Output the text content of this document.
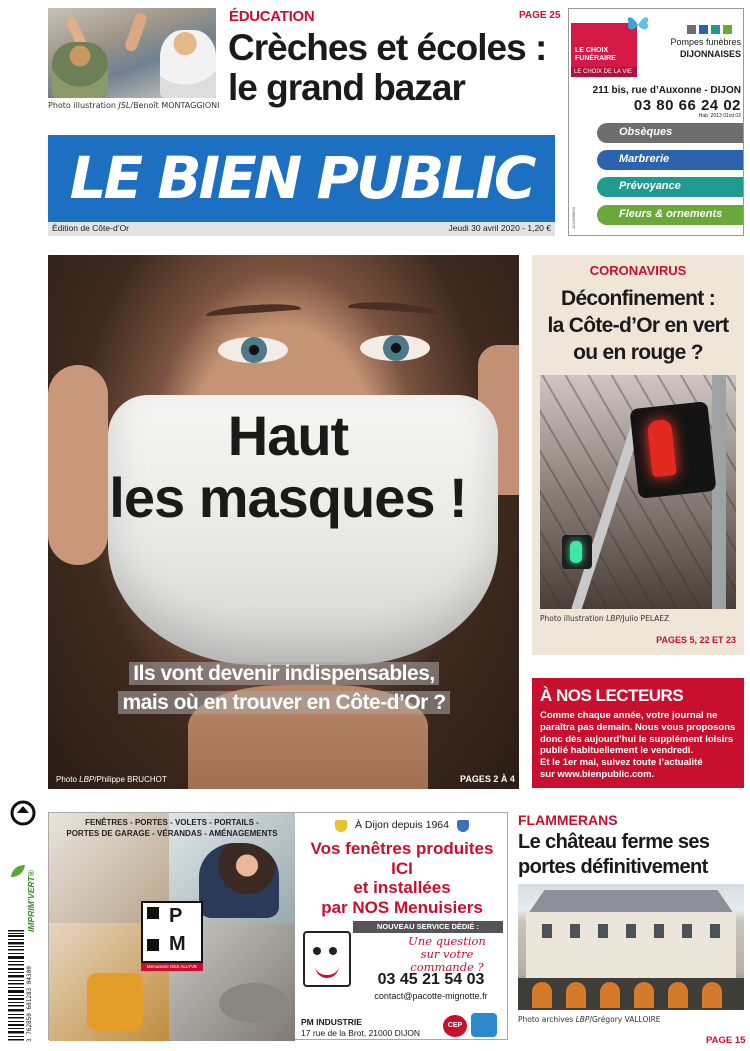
Photo illustration JSL/Benoît MONTAGGIONI
ÉDUCATION	PAGE 25
Crèches et écoles :
le grand bazar
LE CHOIX
FUNÉRAIRE
LE CHOIX DE LA VIE
Pompes funèbres
DIJONNAISES
211 bis, rue d’Auxonne - DIJON
03 80 66 24 02
Hab. 2013 01cd 02
Obsèques
Marbrerie
Prévoyance
Fleurs & ornements
1124596800
LE BIEN PUBLIC
Édition de Côte-d’Or	Jeudi 30 avril 2020 - 1,20 €
Haut
les masques !
Ils vont devenir indispensables,
mais où en trouver en Côte-d’Or ?
Photo LBP/Philippe BRUCHOT	PAGES 2 À 4
CORONAVIRUS
Déconfinement :
la Côte-d’Or en vert
ou en rouge ?
Photo illustration LBP/Julio PELAEZ
PAGES 5, 22 ET 23
À NOS LECTEURS
Comme chaque année, votre journal ne
paraîtra pas demain. Nous vous proposons
donc dès aujourd’hui le supplément loisirs
publié habituellement le vendredi.
Et le 1er mai, suivez toute l’actualité
sur www.bienpublic.com.
IMPRIM’VERT®
3 762850 601283 04300
FENÊTRES - PORTES - VOLETS - PORTAILS -
PORTES DE GARAGE - VÉRANDAS - AMÉNAGEMENTS
P
M
Menuiserie DES ALLYVE
À Dijon depuis 1964
Vos fenêtres produites
ICI
et installées
par NOS Menuisiers
NOUVEAU SERVICE DÉDIÉ :
Une question
sur votre commande ?
03 45 21 54 03
contact@pacotte-mignotte.fr
PM INDUSTRIE
17 rue de la Brot, 21000 DIJON
CEP
FLAMMERANS
Le château ferme ses
portes définitivement
Photo archives LBP/Grégory VALLOIRE
PAGE 15
